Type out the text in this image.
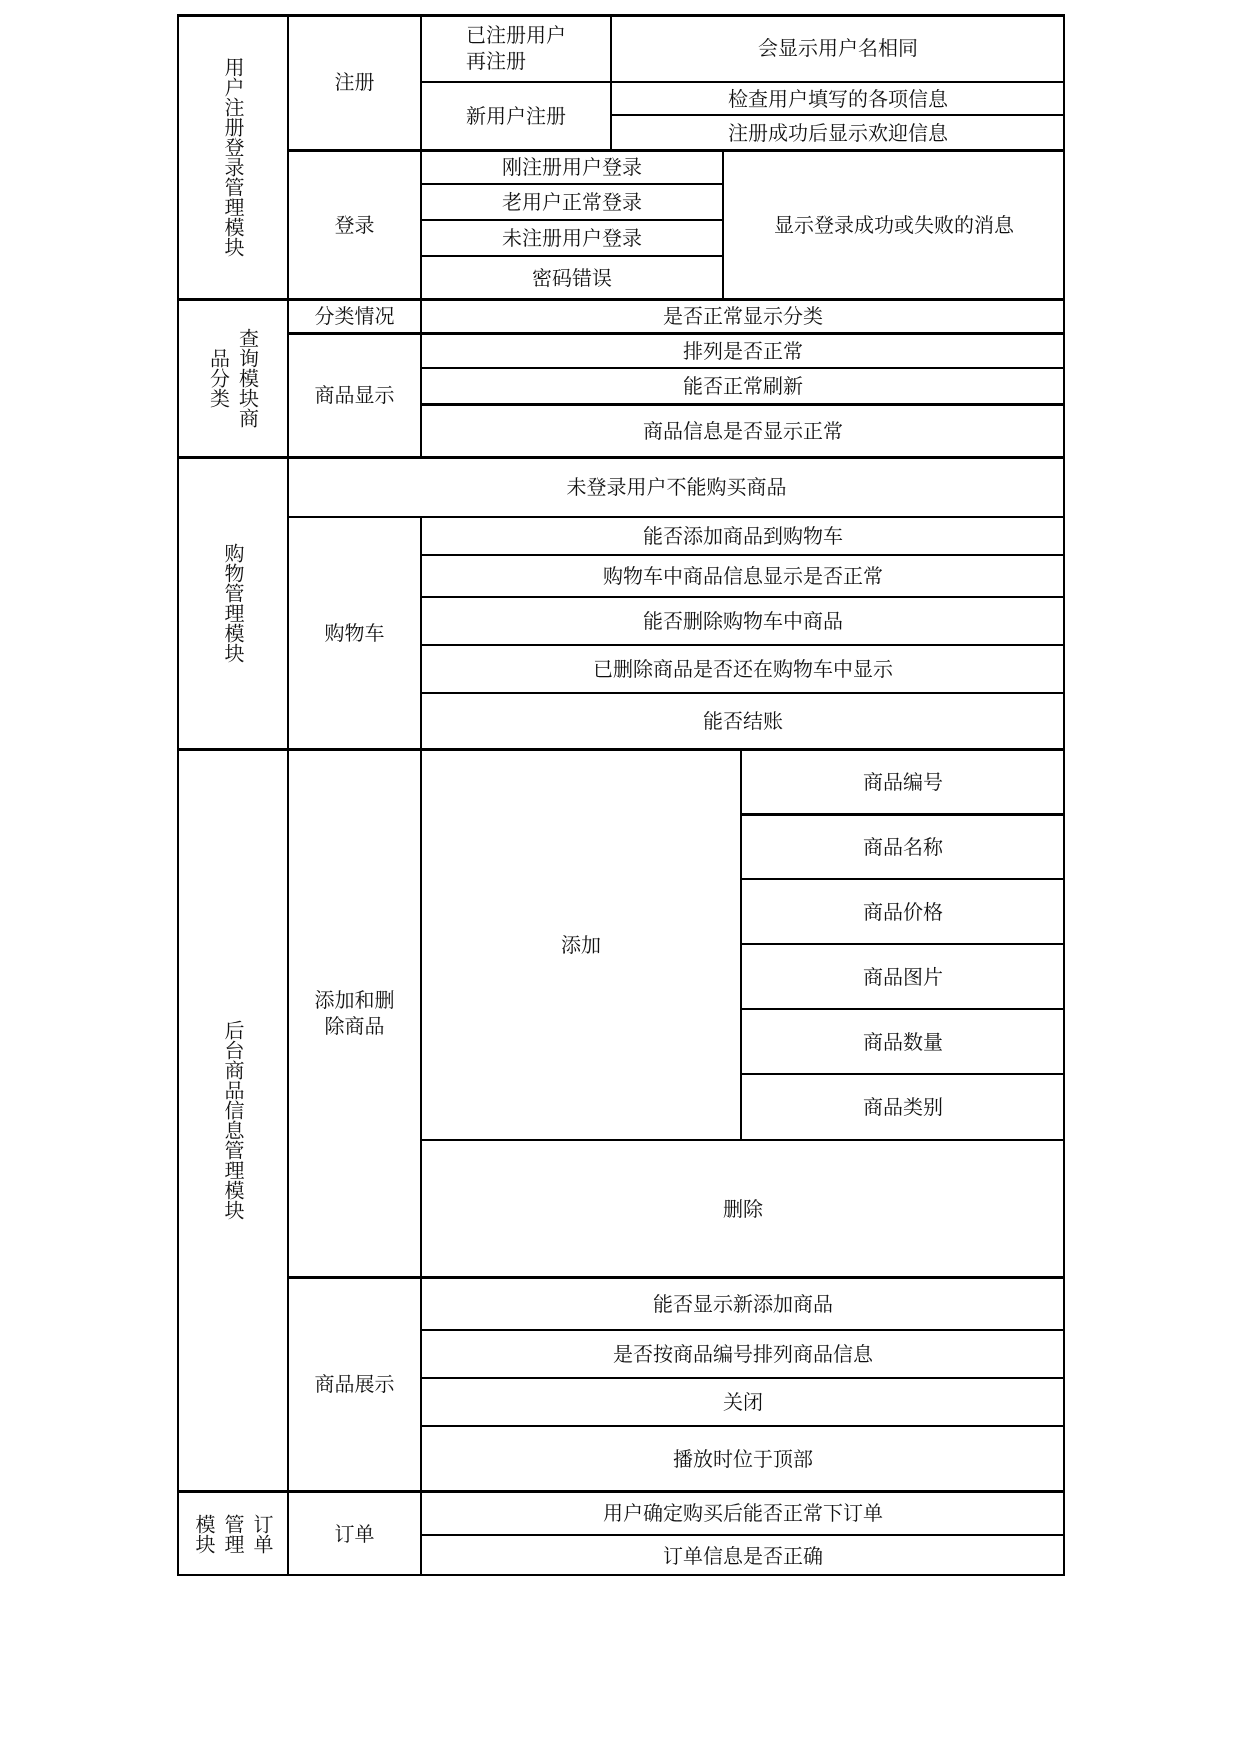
用户注册登录管理模块
查询模块商品分类
购物管理模块
后台商品信息管理模块
订单管理模块
注册
登录
分类情况
商品显示
购物车
添加和删
除商品
商品展示
订单
已注册用户
再注册
会显示用户名相同
新用户注册
检查用户填写的各项信息
注册成功后显示欢迎信息
刚注册用户登录
老用户正常登录
未注册用户登录
密码错误
显示登录成功或失败的消息
是否正常显示分类
排列是否正常
能否正常刷新
商品信息是否显示正常
未登录用户不能购买商品
能否添加商品到购物车
购物车中商品信息显示是否正常
能否删除购物车中商品
已删除商品是否还在购物车中显示
能否结账
添加
商品编号
商品名称
商品价格
商品图片
商品数量
商品类别
删除
能否显示新添加商品
是否按商品编号排列商品信息
关闭
播放时位于顶部
用户确定购买后能否正常下订单
订单信息是否正确
